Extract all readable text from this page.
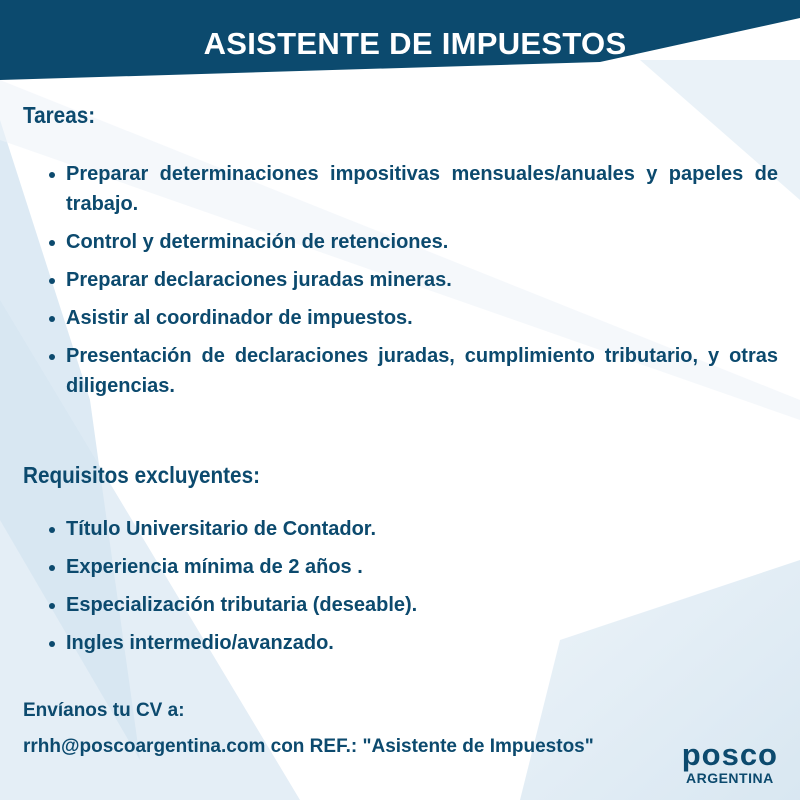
ASISTENTE DE IMPUESTOS
Tareas:
Preparar determinaciones impositivas mensuales/anuales y papeles de trabajo.
Control y determinación de retenciones.
Preparar declaraciones juradas mineras.
Asistir al coordinador de impuestos.
Presentación de declaraciones juradas, cumplimiento tributario, y otras diligencias.
Requisitos excluyentes:
Título Universitario de Contador.
Experiencia mínima de 2 años .
Especialización tributaria (deseable).
Ingles intermedio/avanzado.
Envíanos tu CV a:
rrhh@poscoargentina.com con REF.: "Asistente de Impuestos"	posco
ARGENTINA
